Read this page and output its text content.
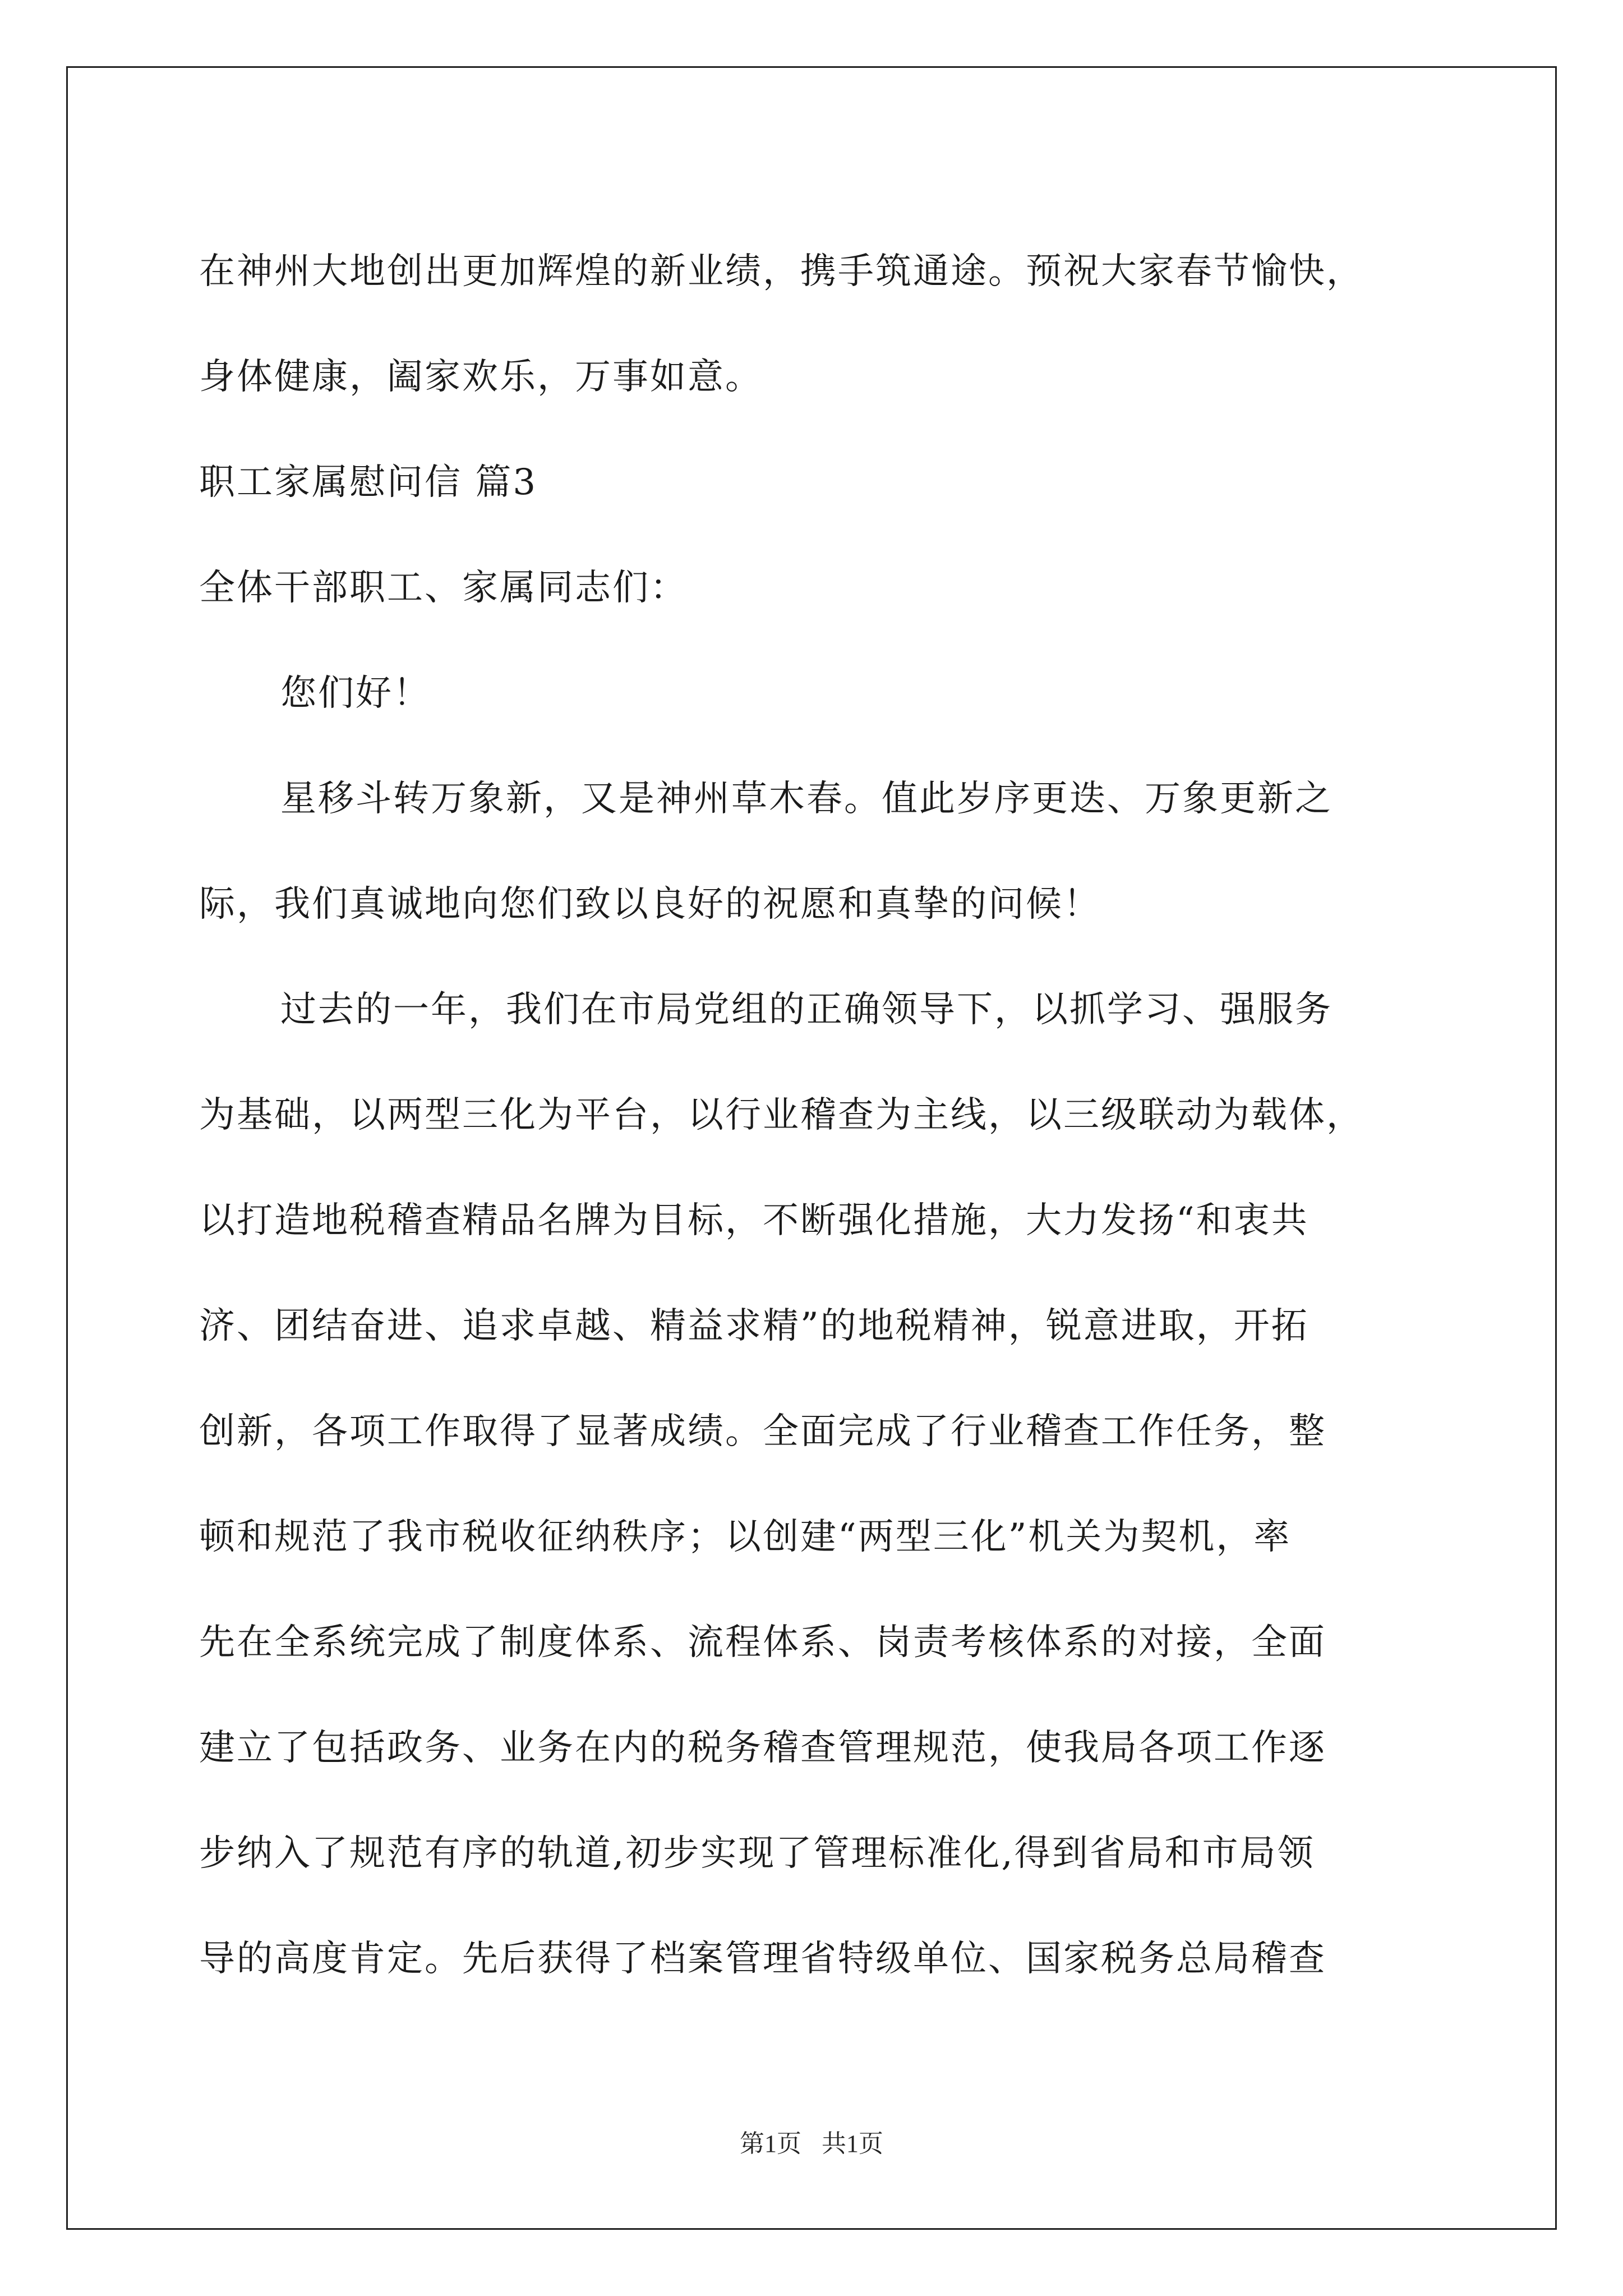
在神州大地创出更加辉煌的新业绩，携手筑通途。预祝大家春节愉快，
身体健康，阖家欢乐，万事如意。
职工家属慰问信 篇3
全体干部职工、家属同志们：
您们好！
星移斗转万象新，又是神州草木春。值此岁序更迭、万象更新之
际，我们真诚地向您们致以良好的祝愿和真挚的问候！
过去的一年，我们在市局党组的正确领导下，以抓学习、强服务
为基础，以两型三化为平台，以行业稽查为主线，以三级联动为载体，
以打造地税稽查精品名牌为目标，不断强化措施，大力发扬“和衷共
济、团结奋进、追求卓越、精益求精”的地税精神，锐意进取，开拓
创新，各项工作取得了显著成绩。全面完成了行业稽查工作任务，整
顿和规范了我市税收征纳秩序；以创建“两型三化”机关为契机，率
先在全系统完成了制度体系、流程体系、岗责考核体系的对接，全面
建立了包括政务、业务在内的税务稽查管理规范，使我局各项工作逐
步纳入了规范有序的轨道,初步实现了管理标准化,得到省局和市局领
导的高度肯定。先后获得了档案管理省特级单位、国家税务总局稽查
第1页 共1页
